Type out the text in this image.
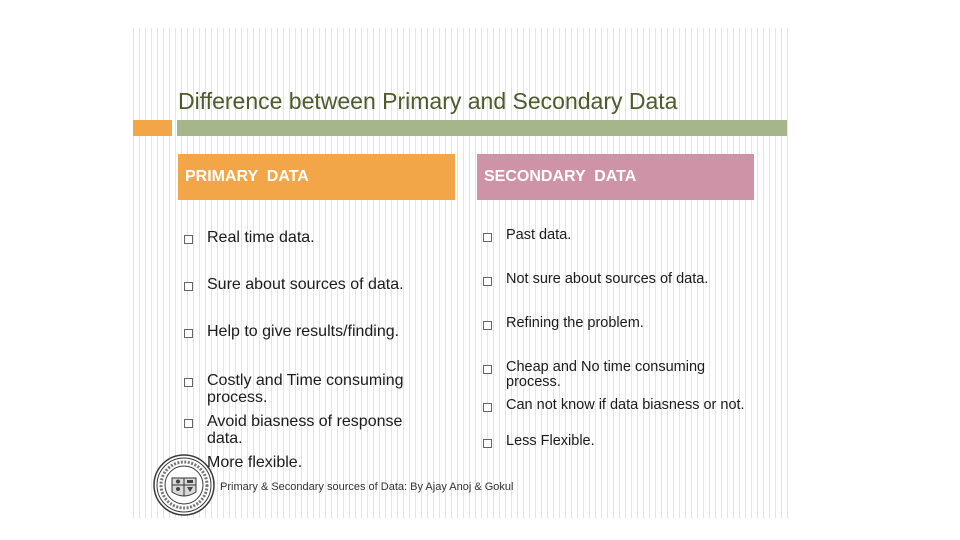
Difference between Primary and Secondary Data
PRIMARY  DATA	SECONDARY  DATA
Real time data.
Sure about sources of data.
Help to give results/finding.
Costly and Time consuming process.
Avoid biasness of response data.
More flexible.
Past data.
Not sure about sources of data.
Refining the problem.
Cheap and No time consuming process.
Can not know if data biasness or not.
Less Flexible.
Primary & Secondary sources of Data: By Ajay Anoj & Gokul
